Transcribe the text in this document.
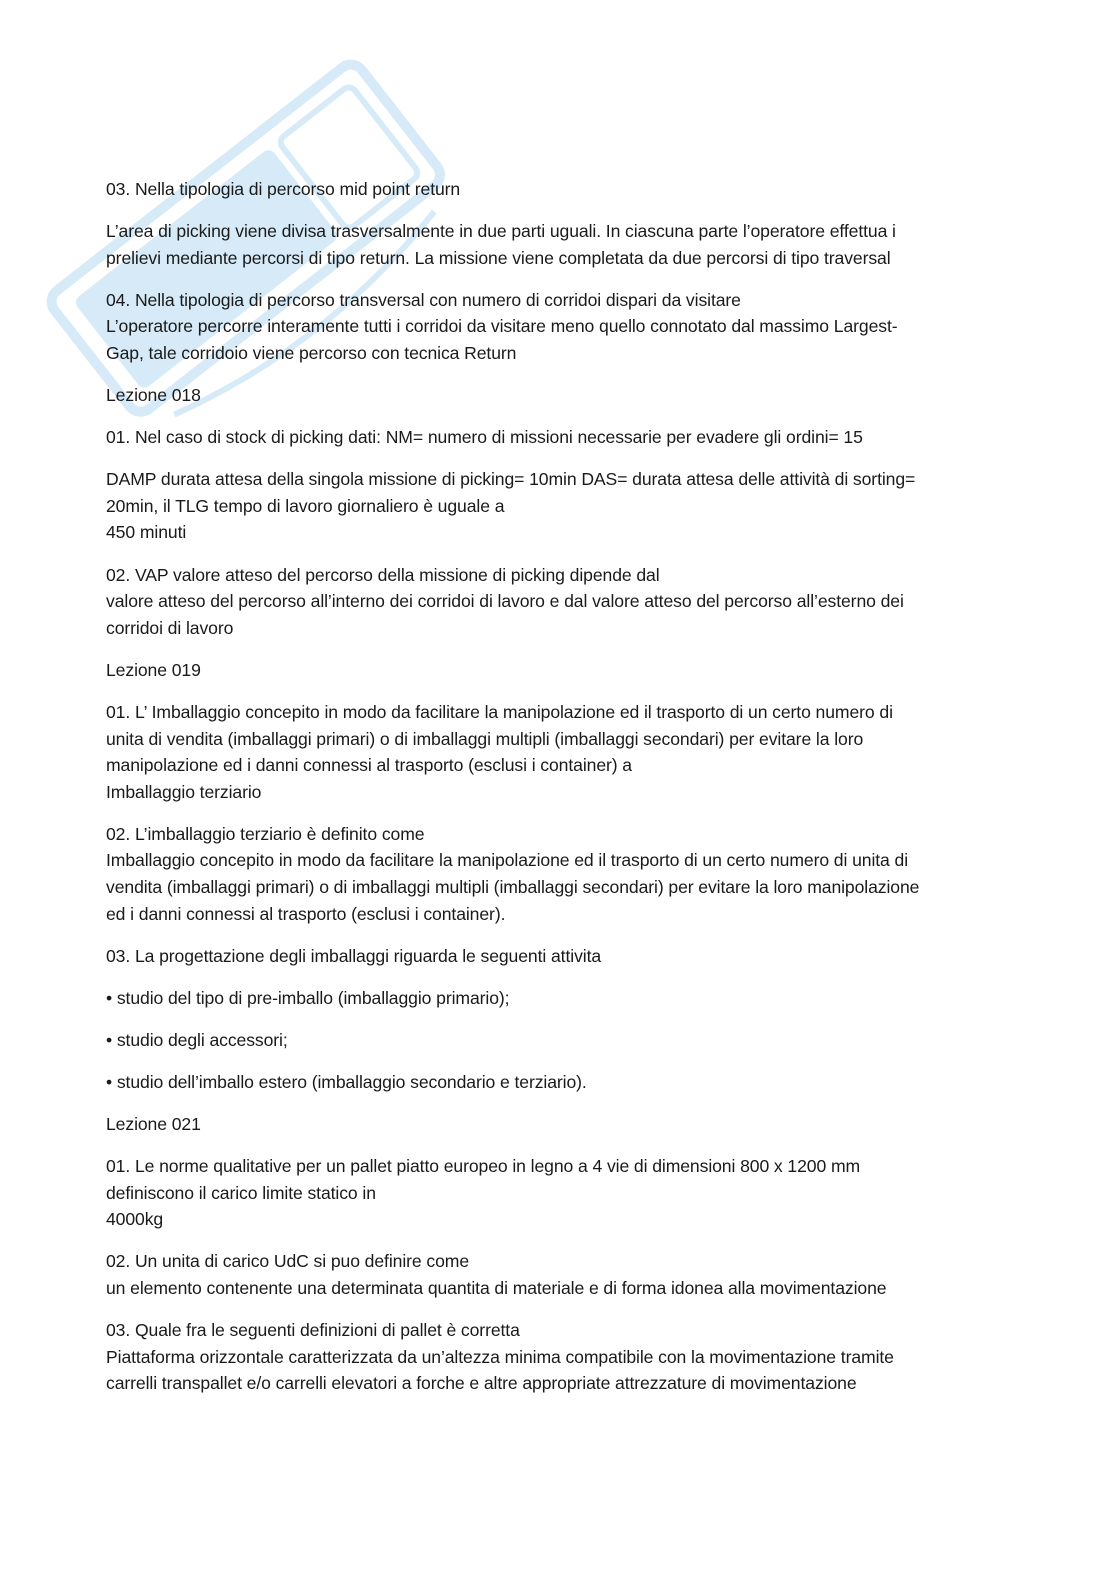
03. Nella tipologia di percorso mid point return
L’area di picking viene divisa trasversalmente in due parti uguali. In ciascuna parte l’operatore effettua i
prelievi mediante percorsi di tipo return. La missione viene completata da due percorsi di tipo traversal
04. Nella tipologia di percorso transversal con numero di corridoi dispari da visitare
L’operatore percorre interamente tutti i corridoi da visitare meno quello connotato dal massimo Largest-
Gap, tale corridoio viene percorso con tecnica Return
Lezione 018
01. Nel caso di stock di picking dati: NM= numero di missioni necessarie per evadere gli ordini= 15
DAMP durata attesa della singola missione di picking= 10min DAS= durata attesa delle attività di sorting=
20min, il TLG tempo di lavoro giornaliero è uguale a
450 minuti
02. VAP valore atteso del percorso della missione di picking dipende dal
valore atteso del percorso all’interno dei corridoi di lavoro e dal valore atteso del percorso all’esterno dei
corridoi di lavoro
Lezione 019
01. L’ Imballaggio concepito in modo da facilitare la manipolazione ed il trasporto di un certo numero di
unita di vendita (imballaggi primari) o di imballaggi multipli (imballaggi secondari) per evitare la loro
manipolazione ed i danni connessi al trasporto (esclusi i container) a
Imballaggio terziario
02. L’imballaggio terziario è definito come
Imballaggio concepito in modo da facilitare la manipolazione ed il trasporto di un certo numero di unita di
vendita (imballaggi primari) o di imballaggi multipli (imballaggi secondari) per evitare la loro manipolazione
ed i danni connessi al trasporto (esclusi i container).
03. La progettazione degli imballaggi riguarda le seguenti attivita
• studio del tipo di pre-imballo (imballaggio primario);
• studio degli accessori;
• studio dell’imballo estero (imballaggio secondario e terziario).
Lezione 021
01. Le norme qualitative per un pallet piatto europeo in legno a 4 vie di dimensioni 800 x 1200 mm
definiscono il carico limite statico in
4000kg
02. Un unita di carico UdC si puo definire come
un elemento contenente una determinata quantita di materiale e di forma idonea alla movimentazione
03. Quale fra le seguenti definizioni di pallet è corretta
Piattaforma orizzontale caratterizzata da un’altezza minima compatibile con la movimentazione tramite
carrelli transpallet e/o carrelli elevatori a forche e altre appropriate attrezzature di movimentazione
